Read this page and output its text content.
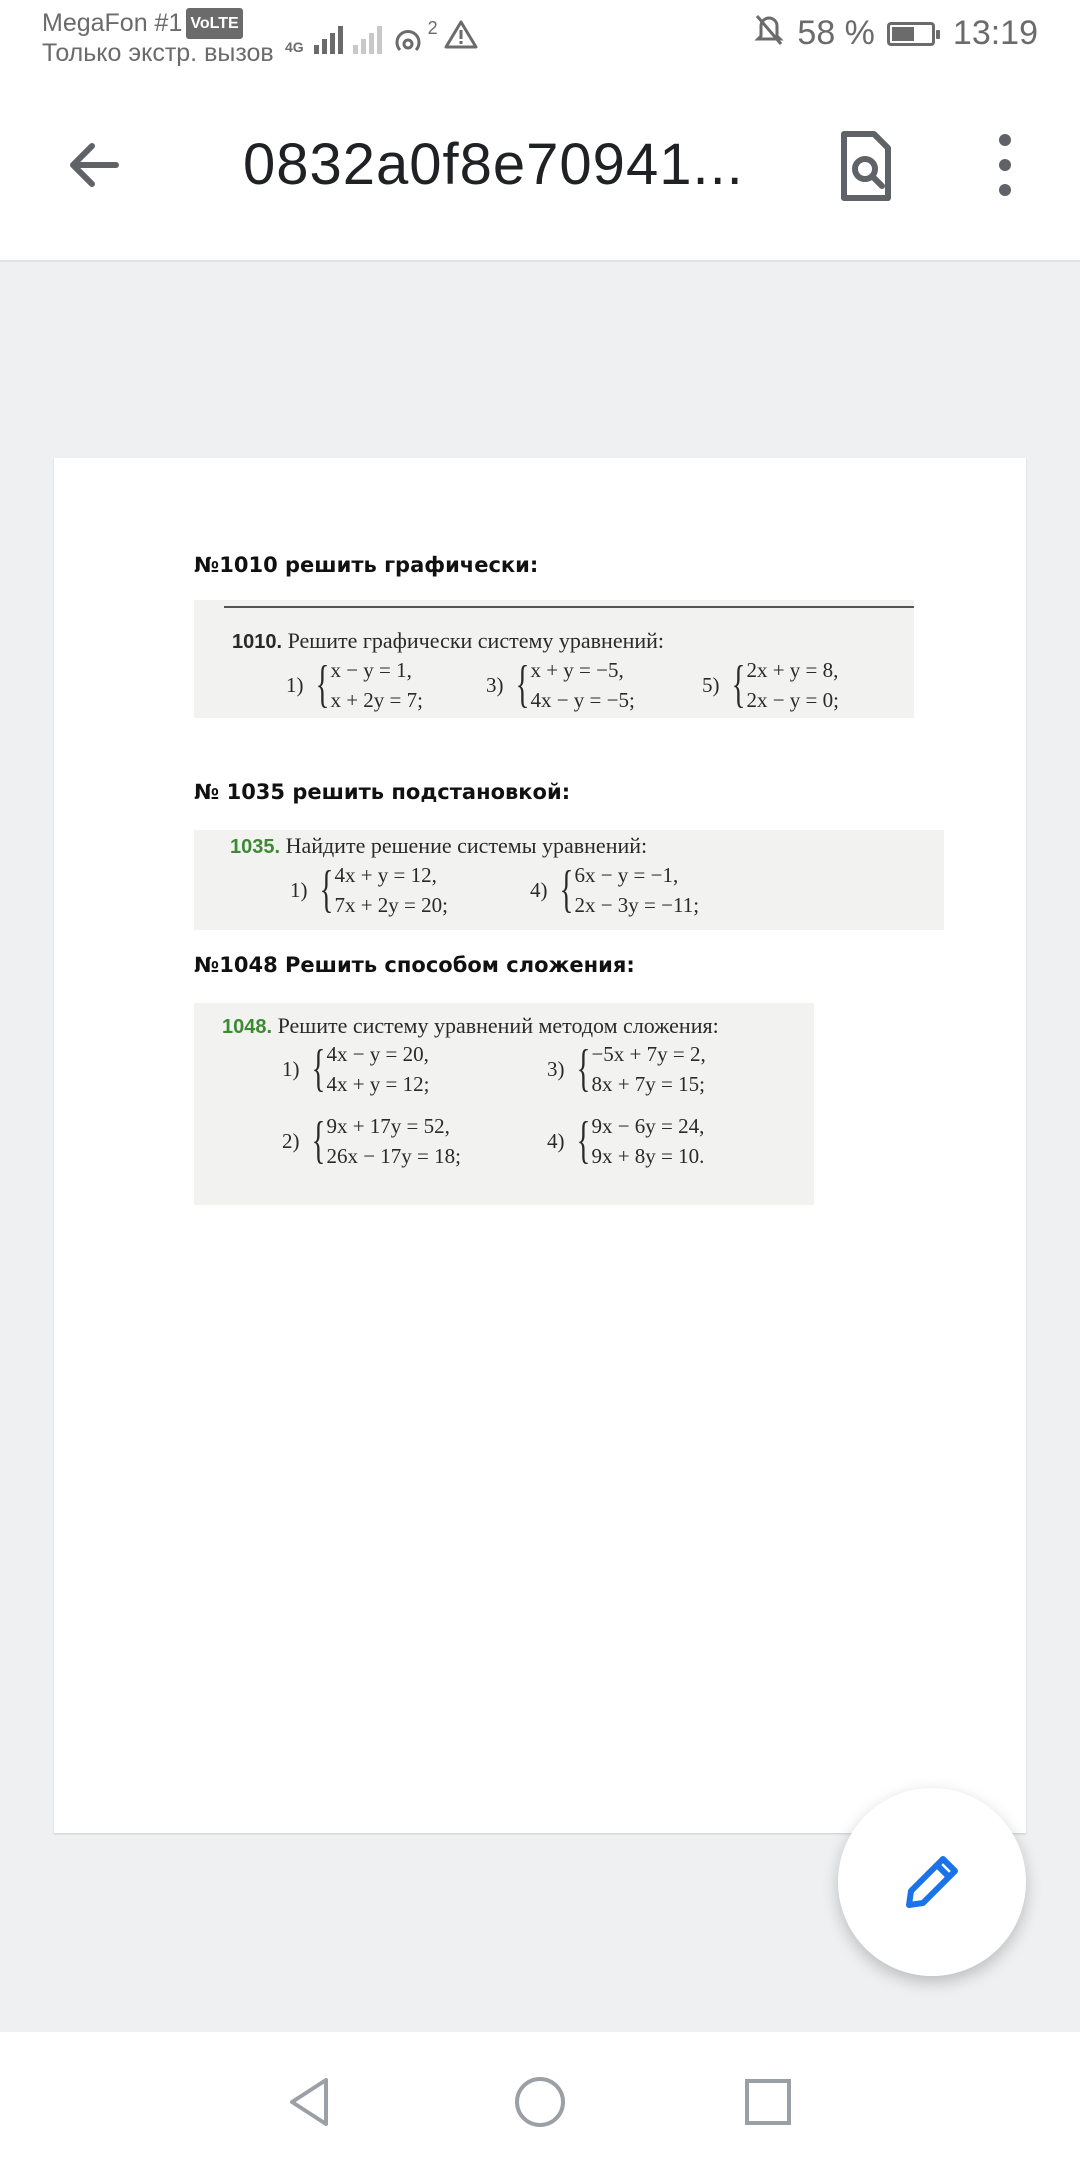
MegaFon #1 VoLTE
Только экстр. вызов 4G
2	58 % 13:19
0832a0f8e70941...
№1010 решить графически:
1010. Решите графически систему уравнений:
1) { x − y = 1,
x + 2y = 7;
3) { x + y = −5,
4x − y = −5;
5) { 2x + y = 8,
2x − y = 0;
№ 1035 решить подстановкой:
1035. Найдите решение системы уравнений:
1) { 4x + y = 12,
7x + 2y = 20;
4) { 6x − y = −1,
2x − 3y = −11;
№1048 Решить способом сложения:
1048. Решите систему уравнений методом сложения:
1) { 4x − y = 20,
4x + y = 12;
3) { −5x + 7y = 2,
8x + 7y = 15;
2) { 9x + 17y = 52,
26x − 17y = 18;
4) { 9x − 6y = 24,
9x + 8y = 10.
